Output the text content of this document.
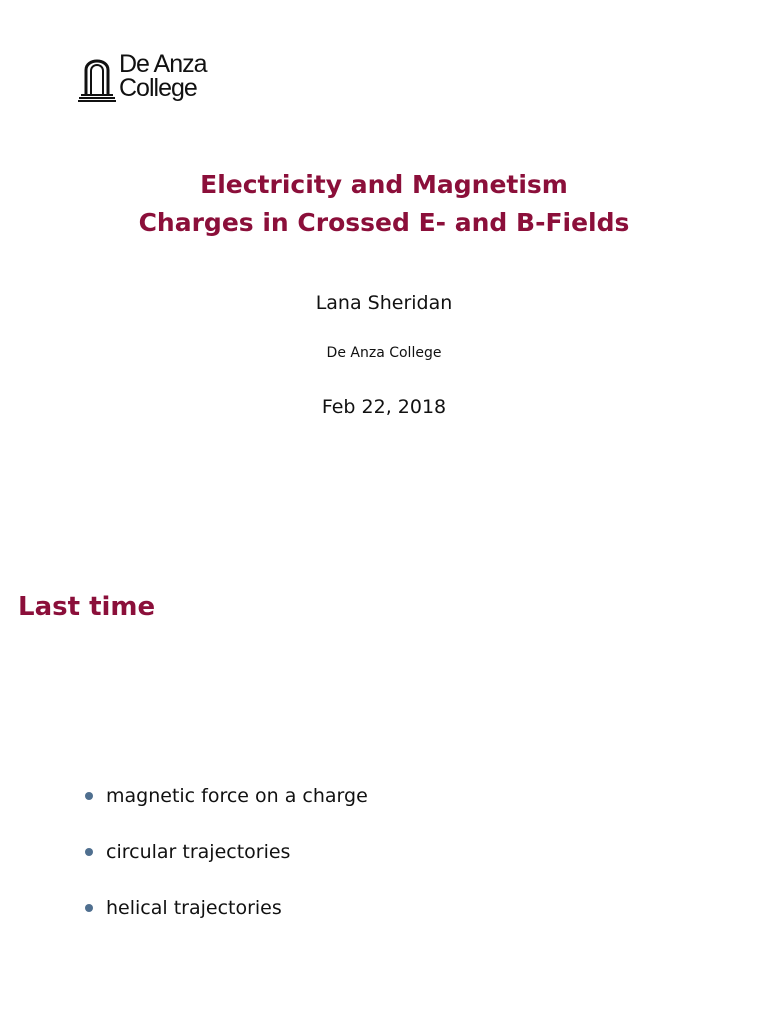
De Anza
College
Electricity and Magnetism
Charges in Crossed E- and B-Fields
Lana Sheridan
De Anza College
Feb 22, 2018
Last time
magnetic force on a charge
circular trajectories
helical trajectories
